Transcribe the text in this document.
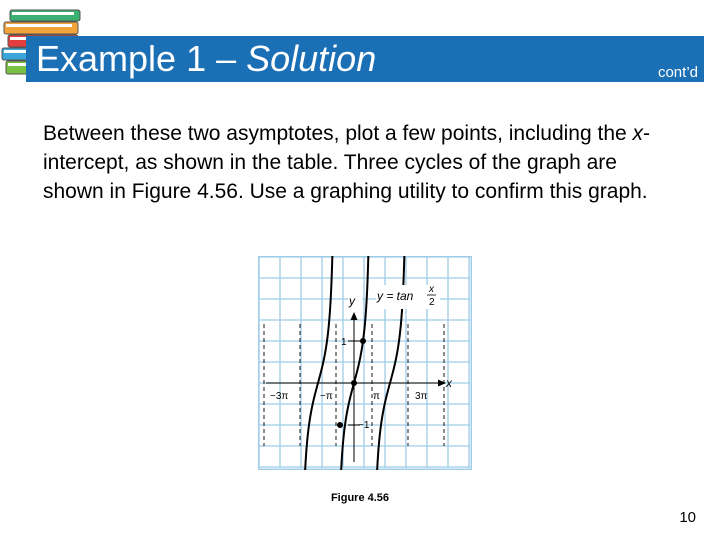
Example 1 – Solution	cont’d

Between these two asymptotes, plot a few points, including the x-intercept, as shown in the table. Three cycles of the graph are shown in Figure 4.56. Use a graphing utility to confirm this graph.

y y = tan x
2
x
1
−1
−3π	−π	π	3π
Figure 4.56
10
